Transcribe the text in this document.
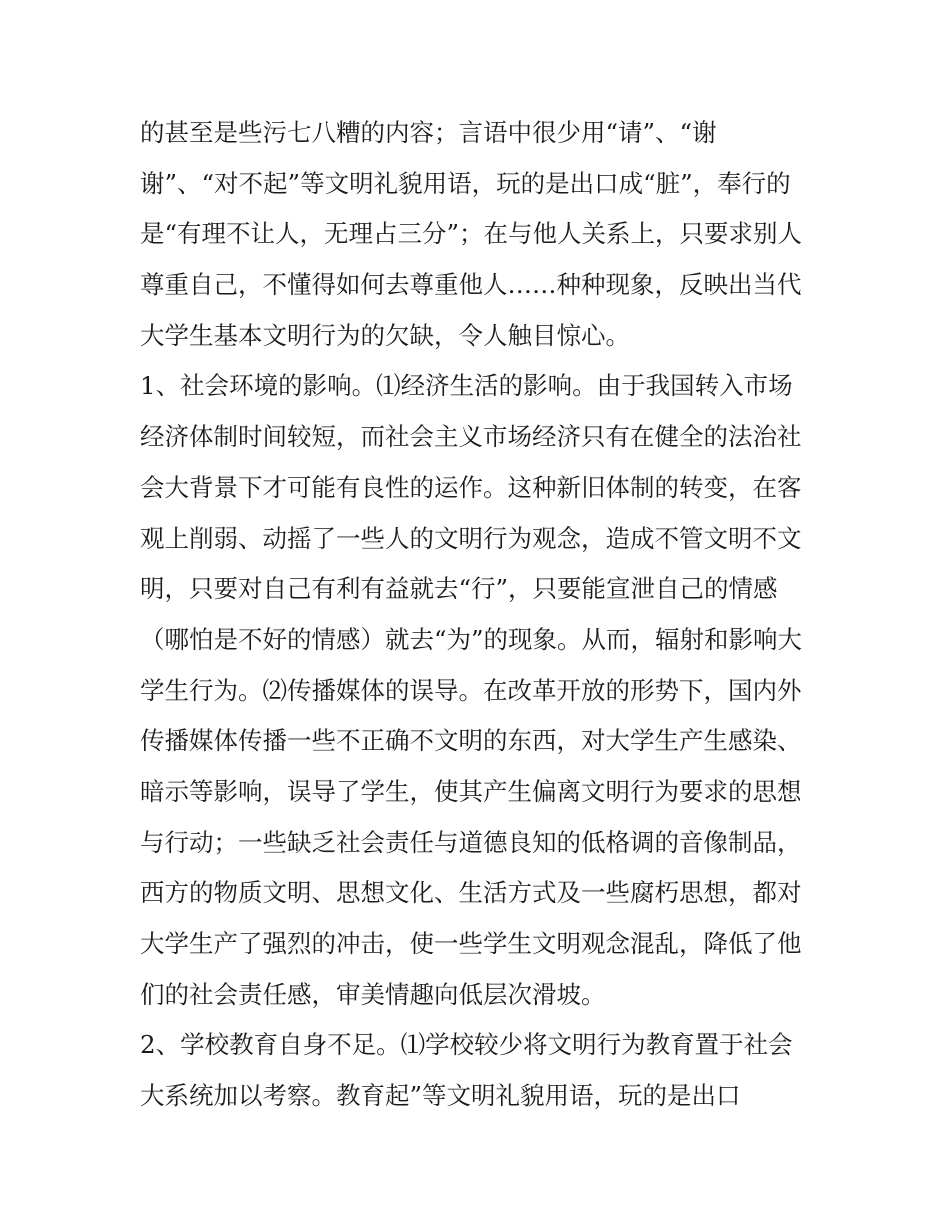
的甚至是些污七八糟的内容；言语中很少用“请”、“谢
谢”、“对不起”等文明礼貌用语，玩的是出口成“脏”，奉行的
是“有理不让人，无理占三分”；在与他人关系上，只要求别人
尊重自己，不懂得如何去尊重他人……种种现象，反映出当代
大学生基本文明行为的欠缺，令人触目惊心。
1、社会环境的影响。⑴经济生活的影响。由于我国转入市场
经济体制时间较短，而社会主义市场经济只有在健全的法治社
会大背景下才可能有良性的运作。这种新旧体制的转变，在客
观上削弱、动摇了一些人的文明行为观念，造成不管文明不文
明，只要对自己有利有益就去“行”，只要能宣泄自己的情感
（哪怕是不好的情感）就去“为”的现象。从而，辐射和影响大
学生行为。⑵传播媒体的误导。在改革开放的形势下，国内外
传播媒体传播一些不正确不文明的东西，对大学生产生感染、
暗示等影响，误导了学生，使其产生偏离文明行为要求的思想
与行动；一些缺乏社会责任与道德良知的低格调的音像制品，
西方的物质文明、思想文化、生活方式及一些腐朽思想，都对
大学生产了强烈的冲击，使一些学生文明观念混乱，降低了他
们的社会责任感，审美情趣向低层次滑坡。
2、学校教育自身不足。⑴学校较少将文明行为教育置于社会
大系统加以考察。教育起”等文明礼貌用语，玩的是出口
